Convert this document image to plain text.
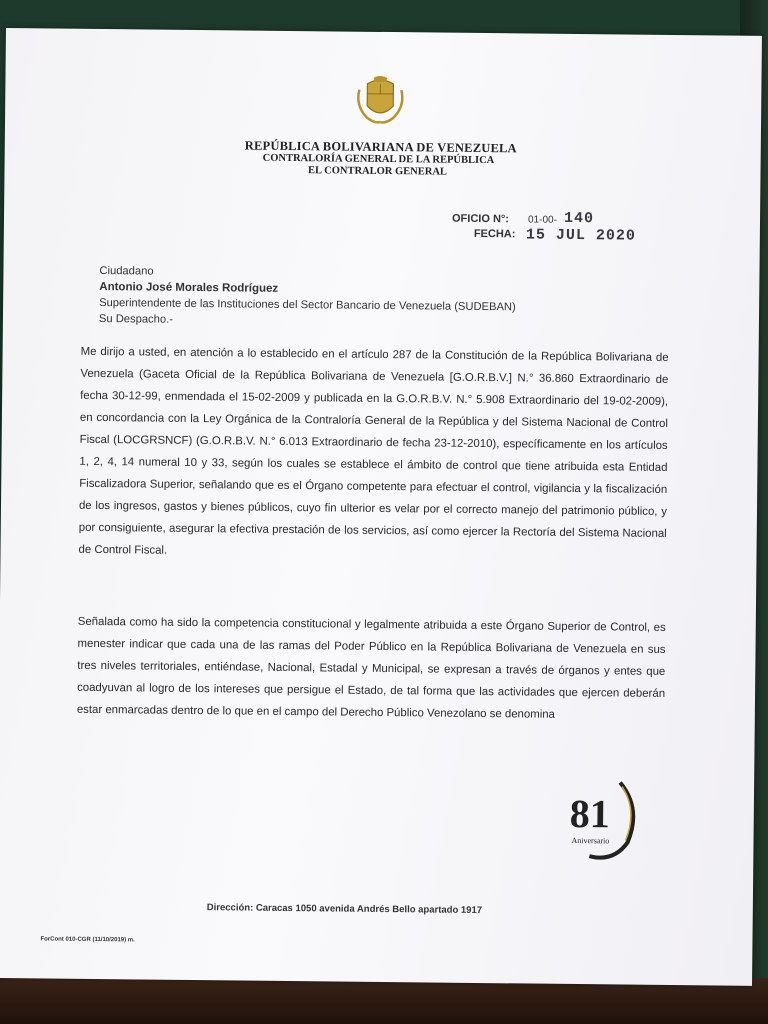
REPÚBLICA BOLIVARIANA DE VENEZUELA
CONTRALORÍA GENERAL DE LA REPÚBLICA
EL CONTRALOR GENERAL
OFICIO N°: 01-00- 140
FECHA: 15 JUL 2020
Ciudadano
Antonio José Morales Rodríguez
Superintendente de las Instituciones del Sector Bancario de Venezuela (SUDEBAN)
Su Despacho.-
Me dirijo a usted, en atención a lo establecido en el artículo 287 de la Constitución de la República Bolivariana de Venezuela (Gaceta Oficial de la República Bolivariana de Venezuela [G.O.R.B.V.] N.° 36.860 Extraordinario de fecha 30-12-99, enmendada el 15-02-2009 y publicada en la G.O.R.B.V. N.° 5.908 Extraordinario del 19-02-2009), en concordancia con la Ley Orgánica de la Contraloría General de la República y del Sistema Nacional de Control Fiscal (LOCGRSNCF) (G.O.R.B.V. N.° 6.013 Extraordinario de fecha 23-12-2010), específicamente en los artículos 1, 2, 4, 14 numeral 10 y 33, según los cuales se establece el ámbito de control que tiene atribuida esta Entidad Fiscalizadora Superior, señalando que es el Órgano competente para efectuar el control, vigilancia y la fiscalización de los ingresos, gastos y bienes públicos, cuyo fin ulterior es velar por el correcto manejo del patrimonio público, y por consiguiente, asegurar la efectiva prestación de los servicios, así como ejercer la Rectoría del Sistema Nacional de Control Fiscal.
Señalada como ha sido la competencia constitucional y legalmente atribuida a este Órgano Superior de Control, es menester indicar que cada una de las ramas del Poder Público en la República Bolivariana de Venezuela en sus tres niveles territoriales, entiéndase, Nacional, Estadal y Municipal, se expresan a través de órganos y entes que coadyuvan al logro de los intereses que persigue el Estado, de tal forma que las actividades que ejercen deberán estar enmarcadas dentro de lo que en el campo del Derecho Público Venezolano se denomina
81
Aniversario
Dirección: Caracas 1050 avenida Andrés Bello apartado 1917
ForCont 010-CGR (11/10/2019) m.
